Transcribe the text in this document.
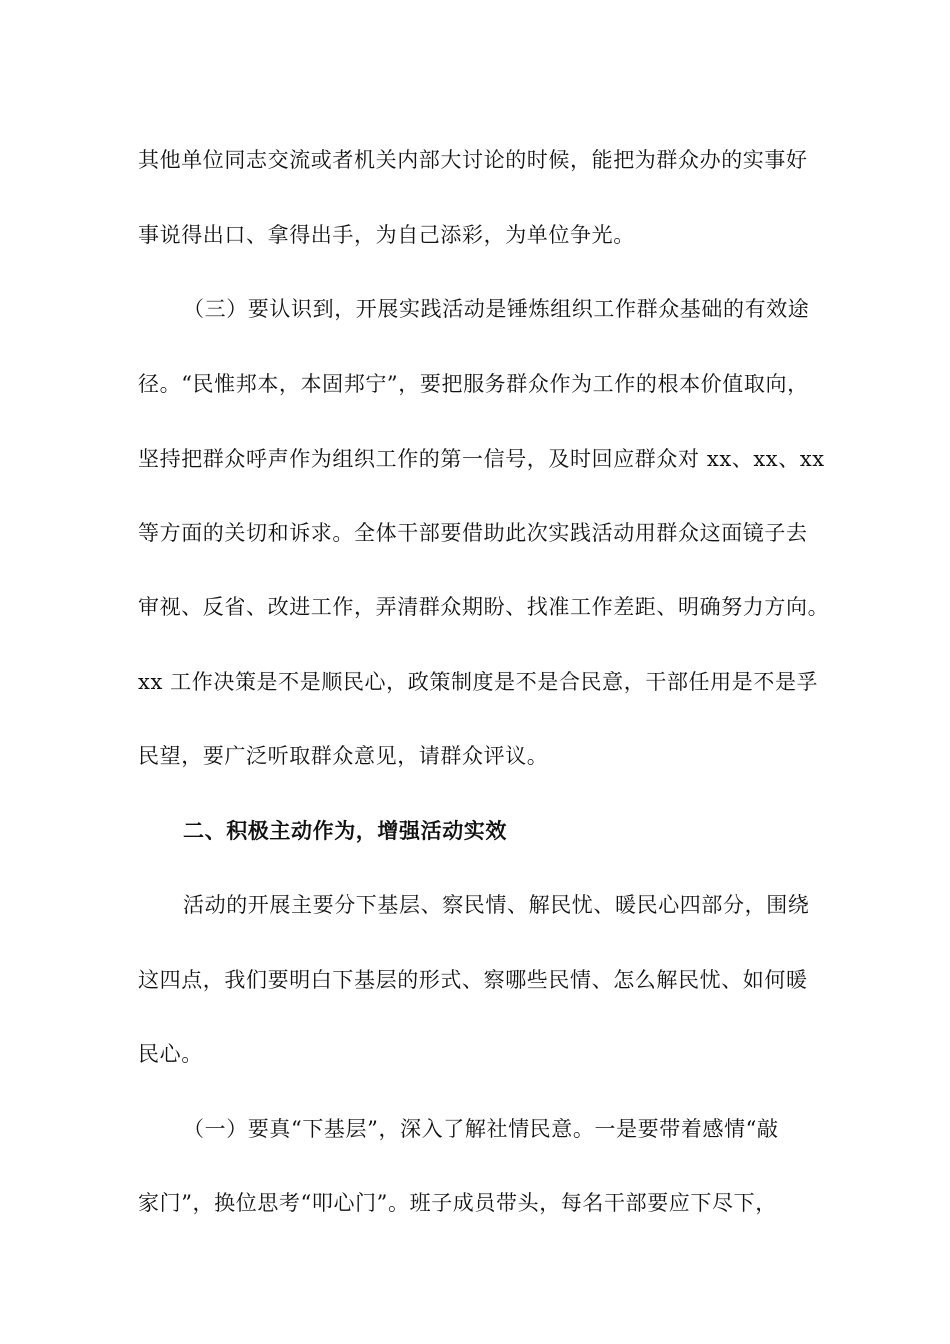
其他单位同志交流或者机关内部大讨论的时候，能把为群众办的实事好
事说得出口、拿得出手，为自己添彩，为单位争光。
（三）要认识到，开展实践活动是锤炼组织工作群众基础的有效途
径。“民惟邦本，本固邦宁”，要把服务群众作为工作的根本价值取向，
坚持把群众呼声作为组织工作的第一信号，及时回应群众对 xx、xx、xx
等方面的关切和诉求。全体干部要借助此次实践活动用群众这面镜子去
审视、反省、改进工作，弄清群众期盼、找准工作差距、明确努力方向。
xx 工作决策是不是顺民心，政策制度是不是合民意，干部任用是不是孚
民望，要广泛听取群众意见，请群众评议。
二、积极主动作为，增强活动实效
活动的开展主要分下基层、察民情、解民忧、暖民心四部分，围绕
这四点，我们要明白下基层的形式、察哪些民情、怎么解民忧、如何暖
民心。
（一）要真“下基层”，深入了解社情民意。一是要带着感情“敲
家门”，换位思考“叩心门”。班子成员带头，每名干部要应下尽下，
